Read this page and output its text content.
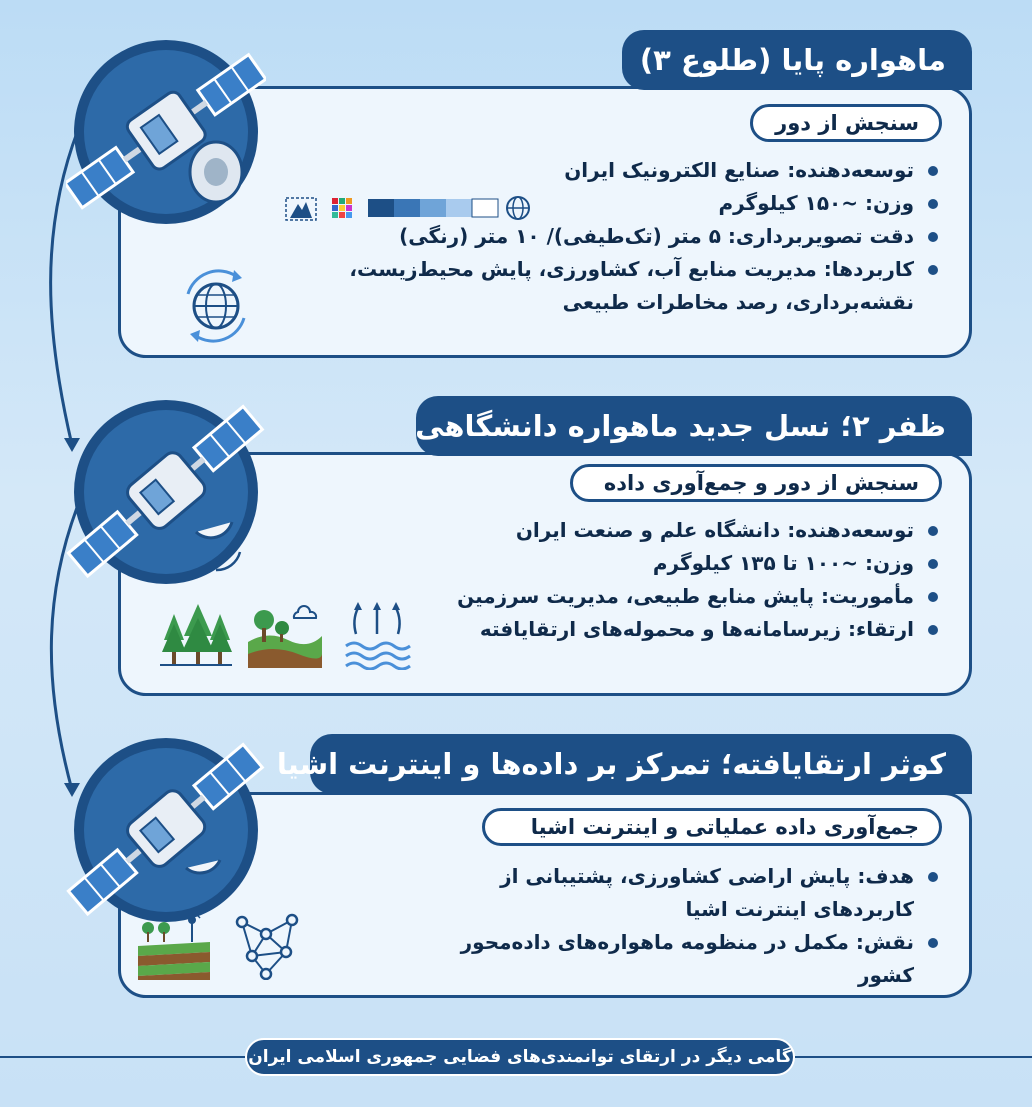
ماهواره پایا (طلوع ۳)
سنجش از دور
توسعه‌دهنده: صنایع الکترونیک ایران
وزن: ~۱۵۰ کیلوگرم
دقت تصویربرداری: ۵ متر (تک‌طیفی)/ ۱۰ متر (رنگی)
کاربردها: مدیریت منابع آب، کشاورزی، پایش محیط‌زیست، نقشه‌برداری، رصد مخاطرات طبیعی
ظفر ۲؛ نسل جدید ماهواره دانشگاهی
سنجش از دور و جمع‌آوری داده
توسعه‌دهنده: دانشگاه علم و صنعت ایران
وزن: ~۱۰۰ تا ۱۳۵ کیلوگرم
مأموریت: پایش منابع طبیعی، مدیریت سرزمین
ارتقاء: زیرسامانه‌ها و محموله‌های ارتقایافته
کوثر ارتقایافته؛ تمرکز بر داده‌ها و اینترنت اشیا
جمع‌آوری داده عملیاتی و اینترنت اشیا
هدف: پایش اراضی کشاورزی، پشتیبانی از کاربردهای اینترنت اشیا
نقش: مکمل در منظومه ماهواره‌های داده‌محور کشور
گامی دیگر در ارتقای توانمندی‌های فضایی جمهوری اسلامی ایران
